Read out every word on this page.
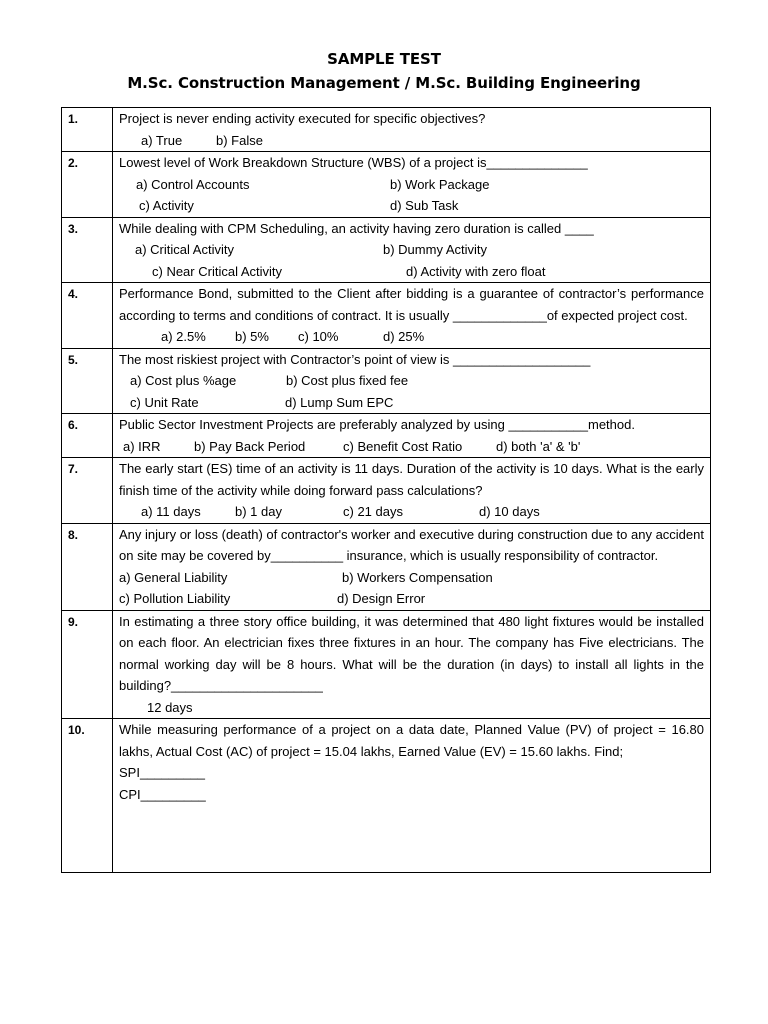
SAMPLE TEST

M.Sc. Construction Management / M.Sc. Building Engineering

1.	Project is never ending activity executed for specific objectives?
a) True b) False

2.	Lowest level of Work Breakdown Structure (WBS) of a project is______________
a) Control Accounts b) Work Package
c) Activity d) Sub Task

3.	While dealing with CPM Scheduling, an activity having zero duration is called ____
a) Critical Activity b) Dummy Activity
c) Near Critical Activity d) Activity with zero float

4.	Performance Bond, submitted to the Client after bidding is a guarantee of contractor’s performance according to terms and conditions of contract. It is usually _____________of expected project cost.
a) 2.5% b) 5% c) 10% d) 25%

5.	The most riskiest project with Contractor’s point of view is ___________________
a) Cost plus %age b) Cost plus fixed fee
c) Unit Rate d) Lump Sum EPC

6.	Public Sector Investment Projects are preferably analyzed by using ___________method.
a) IRR b) Pay Back Period c) Benefit Cost Ratio d) both 'a' & 'b'

7.	The early start (ES) time of an activity is 11 days. Duration of the activity is 10 days. What is the early finish time of the activity while doing forward pass calculations?
a) 11 days b) 1 day c) 21 days d) 10 days

8.	Any injury or loss (death) of contractor's worker and executive during construction due to any accident on site may be covered by__________ insurance, which is usually responsibility of contractor.
a) General Liability b) Workers Compensation
c) Pollution Liability d) Design Error

9.	In estimating a three story office building, it was determined that 480 light fixtures would be installed on each floor. An electrician fixes three fixtures in an hour. The company has Five electricians. The normal working day will be 8 hours. What will be the duration (in days) to install all lights in the building?_____________________
12 days

10.	While measuring performance of a project on a data date, Planned Value (PV) of project = 16.80 lakhs, Actual Cost (AC) of project = 15.04 lakhs, Earned Value (EV) = 15.60 lakhs. Find;
SPI_________
CPI_________
